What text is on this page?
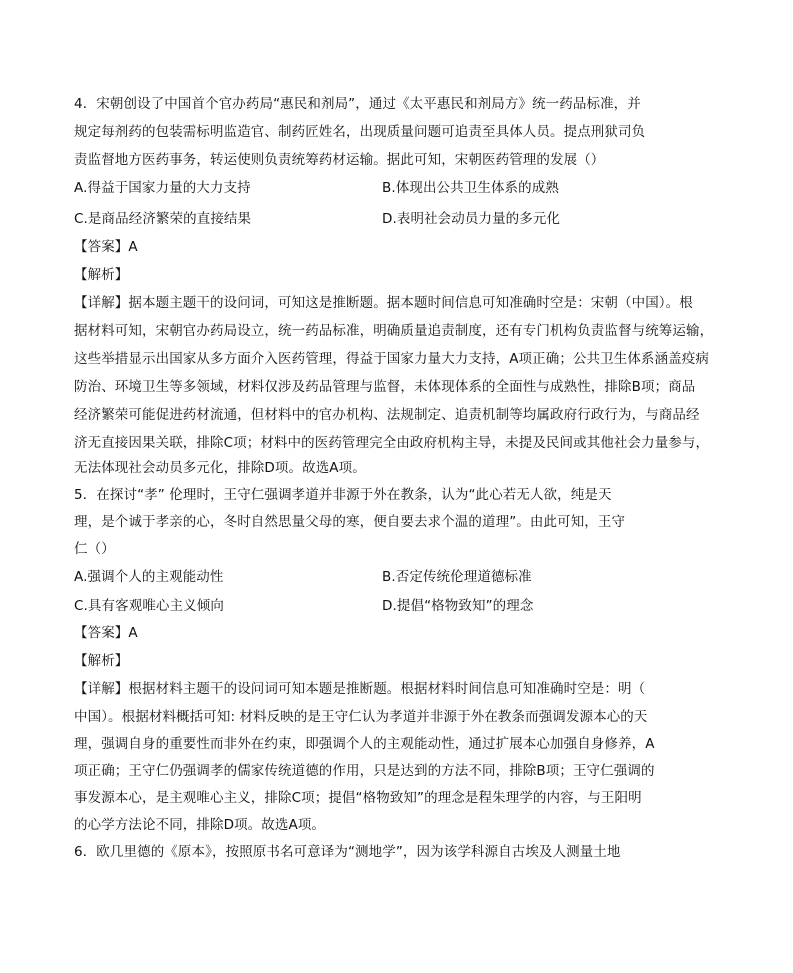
4．宋朝创设了中国首个官办药局“惠民和剂局”，通过《太平惠民和剂局方》统一药品标准，并
规定每剂药的包装需标明监造官、制药匠姓名，出现质量问题可追责至具体人员。提点刑狱司负
责监督地方医药事务，转运使则负责统筹药材运输。据此可知，宋朝医药管理的发展（）
A.得益于国家力量的大力支持	B.体现出公共卫生体系的成熟
C.是商品经济繁荣的直接结果	D.表明社会动员力量的多元化
【答案】A
【解析】
【详解】据本题主题干的设问词，可知这是推断题。据本题时间信息可知准确时空是：宋朝（中国）。根
据材料可知，宋朝官办药局设立，统一药品标准，明确质量追责制度，还有专门机构负责监督与统筹运输，
这些举措显示出国家从多方面介入医药管理，得益于国家力量大力支持，A项正确；公共卫生体系涵盖疫病
防治、环境卫生等多领域，材料仅涉及药品管理与监督，未体现体系的全面性与成熟性，排除B项；商品
经济繁荣可能促进药材流通，但材料中的官办机构、法规制定、追责机制等均属政府行政行为，与商品经
济无直接因果关联，排除C项；材料中的医药管理完全由政府机构主导，未提及民间或其他社会力量参与，
无法体现社会动员多元化，排除D项。故选A项。
5．在探讨“孝” 伦理时，王守仁强调孝道并非源于外在教条，认为“此心若无人欲，纯是天
理，是个诚于孝亲的心，冬时自然思量父母的寒，便自要去求个温的道理”。由此可知，王守
仁（）
A.强调个人的主观能动性	B.否定传统伦理道德标准
C.具有客观唯心主义倾向	D.提倡“格物致知”的理念
【答案】A
【解析】
【详解】根据材料主题干的设问词可知本题是推断题。根据材料时间信息可知准确时空是：明（
中国）。根据材料概括可知: 材料反映的是王守仁认为孝道并非源于外在教条而强调发源本心的天
理，强调自身的重要性而非外在约束，即强调个人的主观能动性，通过扩展本心加强自身修养，A
项正确；王守仁仍强调孝的儒家传统道德的作用，只是达到的方法不同，排除B项；王守仁强调的
事发源本心，是主观唯心主义，排除C项；提倡“格物致知”的理念是程朱理学的内容，与王阳明
的心学方法论不同，排除D项。故选A项。
6．欧几里德的《原本》，按照原书名可意译为“测地学”，因为该学科源自古埃及人测量土地
